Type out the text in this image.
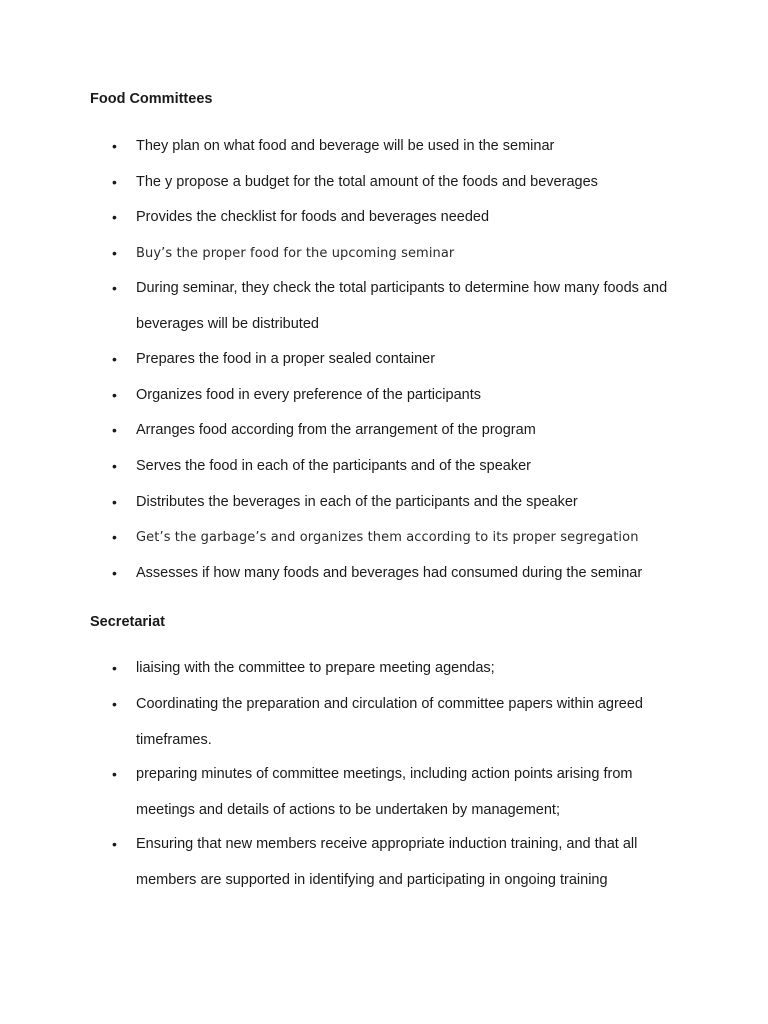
Food Committees
•	They plan on what food and beverage will be used in the seminar
•	The y propose a budget for the total amount of the foods and beverages
•	Provides the checklist for foods and beverages needed
•	Buy’s the proper food for the upcoming seminar
•	During seminar, they check the total participants to determine how many foods and beverages will be distributed
•	Prepares the food in a proper sealed container
•	Organizes food in every preference of the participants
•	Arranges food according from the arrangement of the program
•	Serves the food in each of the participants and of the speaker
•	Distributes the beverages in each of the participants and the speaker
•	Get’s the garbage’s and organizes them according to its proper segregation
•	Assesses if how many foods and beverages had consumed during the seminar
Secretariat
•	liaising with the committee to prepare meeting agendas;
•	Coordinating the preparation and circulation of committee papers within agreed timeframes.
•	preparing minutes of committee meetings, including action points arising from meetings and details of actions to be undertaken by management;
•	Ensuring that new members receive appropriate induction training, and that all members are supported in identifying and participating in ongoing training
